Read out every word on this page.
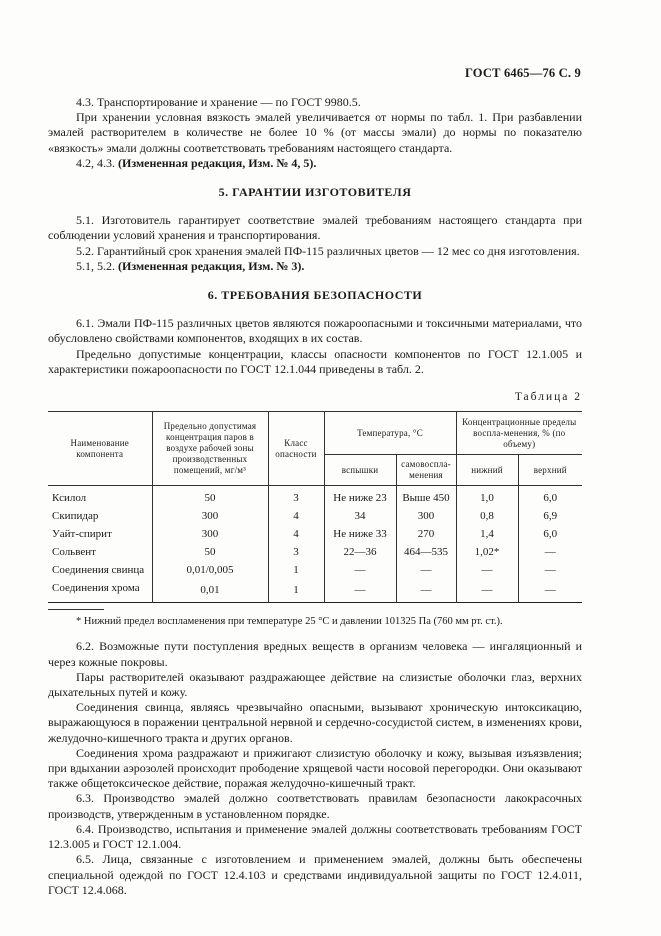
ГОСТ 6465—76 С. 9

4.3. Транспортирование и хранение — по ГОСТ 9980.5.

При хранении условная вязкость эмалей увеличивается от нормы по табл. 1. При разбавлении эмалей растворителем в количестве не более 10 % (от массы эмали) до нормы по показателю «вязкость» эмали должны соответствовать требованиям настоящего стандарта.

4.2, 4.3. (Измененная редакция, Изм. № 4, 5).

5. ГАРАНТИИ ИЗГОТОВИТЕЛЯ

5.1. Изготовитель гарантирует соответствие эмалей требованиям настоящего стандарта при соблюдении условий хранения и транспортирования.

5.2. Гарантийный срок хранения эмалей ПФ-115 различных цветов — 12 мес со дня изготовления.

5.1, 5.2. (Измененная редакция, Изм. № 3).

6. ТРЕБОВАНИЯ БЕЗОПАСНОСТИ

6.1. Эмали ПФ-115 различных цветов являются пожароопасными и токсичными материалами, что обусловлено свойствами компонентов, входящих в их состав.

Предельно допустимые концентрации, классы опасности компонентов по ГОСТ 12.1.005 и характеристики пожароопасности по ГОСТ 12.1.044 приведены в табл. 2.

Таблица 2
Наименование компонента	Предельно допустимая концентрация паров в воздухе рабочей зоны производственных помещений, мг/м³	Класс опасности	Температура, °С		Концентрационные пределы воспла-менения, % (по объему)	
			вспышки	самовоспла-менения	нижний	верхний
Ксилол	50	3	Не ниже 23	Выше 450	1,0	6,0
Скипидар	300	4	34	300	0,8	6,9
Уайт-спирит	300	4	Не ниже 33	270	1,4	6,0
Сольвент	50	3	22—36	464—535	1,02*	—
Соединения свинца	0,01/0,005	1	—	—	—	—
Соединения хрома	0,01	1	—	—	—	—

* Нижний предел воспламенения при температуре 25 °С и давлении 101325 Па (760 мм рт. ст.).

6.2. Возможные пути поступления вредных веществ в организм человека — ингаляционный и через кожные покровы.

Пары растворителей оказывают раздражающее действие на слизистые оболочки глаз, верхних дыхательных путей и кожу.

Соединения свинца, являясь чрезвычайно опасными, вызывают хроническую интоксикацию, выражающуюся в поражении центральной нервной и сердечно-сосудистой систем, в изменениях крови, желудочно-кишечного тракта и других органов.

Соединения хрома раздражают и прижигают слизистую оболочку и кожу, вызывая изъязвления; при вдыхании аэрозолей происходит прободение хрящевой части носовой перегородки. Они оказывают также общетоксическое действие, поражая желудочно-кишечный тракт.

6.3. Производство эмалей должно соответствовать правилам безопасности лакокрасочных производств, утвержденным в установленном порядке.

6.4. Производство, испытания и применение эмалей должны соответствовать требованиям ГОСТ 12.3.005 и ГОСТ 12.1.004.

6.5. Лица, связанные с изготовлением и применением эмалей, должны быть обеспечены специальной одеждой по ГОСТ 12.4.103 и средствами индивидуальной защиты по ГОСТ 12.4.011, ГОСТ 12.4.068.
